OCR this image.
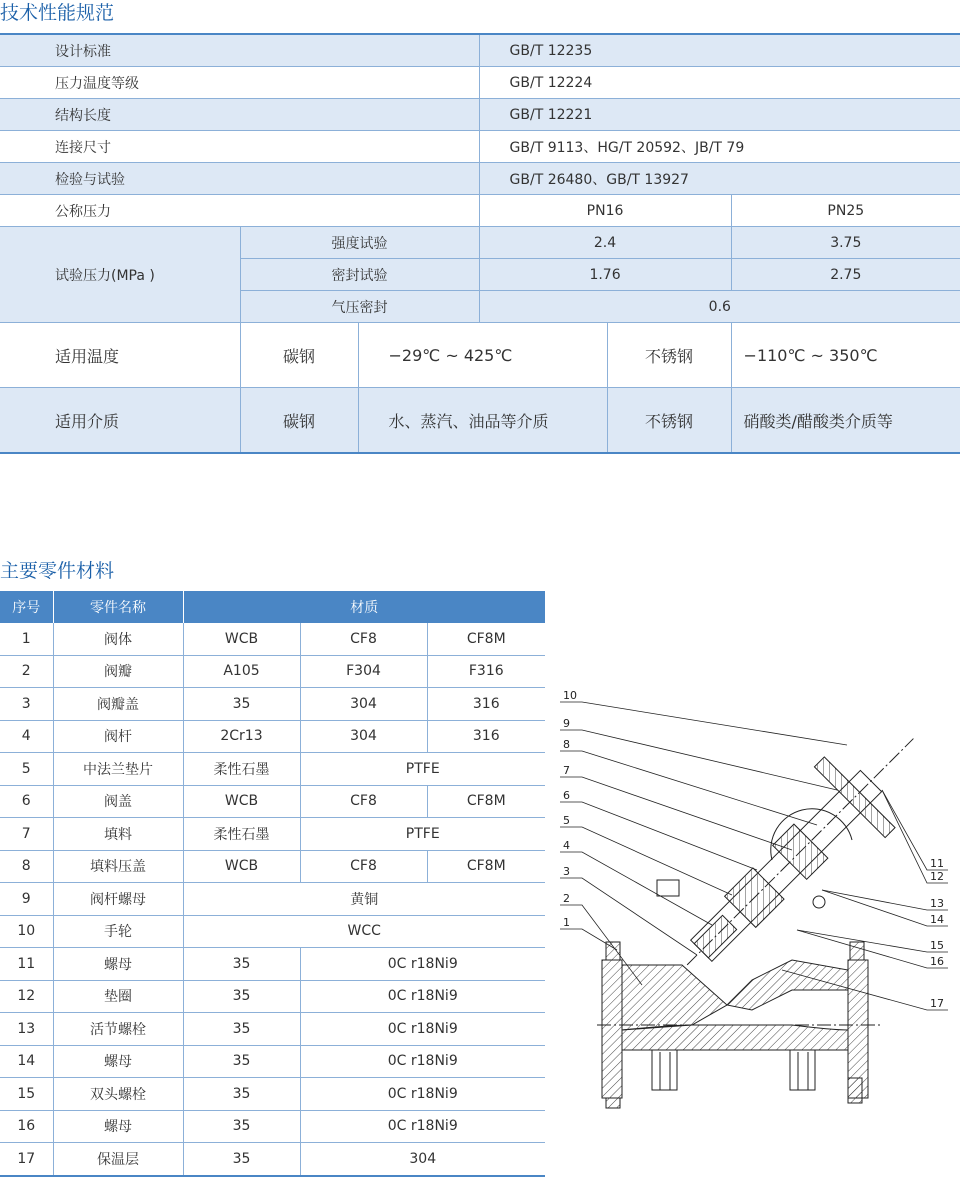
技术性能规范
设计标准			GB/T 12235		
压力温度等级			GB/T 12224		
结构长度			GB/T 12221		
连接尺寸			GB/T 9113、HG/T 20592、JB/T 79		
检验与试验			GB/T 26480、GB/T 13927		
公称压力			PN16		PN25
试验压力(MPa )	强度试验		2.4		3.75
	密封试验		1.76		2.75
	气压密封		0.6		
适用温度	碳钢	−29℃ ~ 425℃		不锈钢	−110℃ ~ 350℃
适用介质	碳钢	水、蒸汽、油品等介质		不锈钢	硝酸类/醋酸类介质等
主要零件材料
序号	零件名称	材质		
1	阀体	WCB	CF8	CF8M
2	阀瓣	A105	F304	F316
3	阀瓣盖	35	304	316
4	阀杆	2Cr13	304	316
5	中法兰垫片	柔性石墨	PTFE	
6	阀盖	WCB	CF8	CF8M
7	填料	柔性石墨	PTFE	
8	填料压盖	WCB	CF8	CF8M
9	阀杆螺母	黄铜		
10	手轮	WCC		
11	螺母	35	0C r18Ni9	
12	垫圈	35	0C r18Ni9	
13	活节螺栓	35	0C r18Ni9	
14	螺母	35	0C r18Ni9	
15	双头螺栓	35	0C r18Ni9	
16	螺母	35	0C r18Ni9	
17	保温层	35	304	
10
9
8
7
6
5
4
3
2
1
11
12
13
14
15
16
17
